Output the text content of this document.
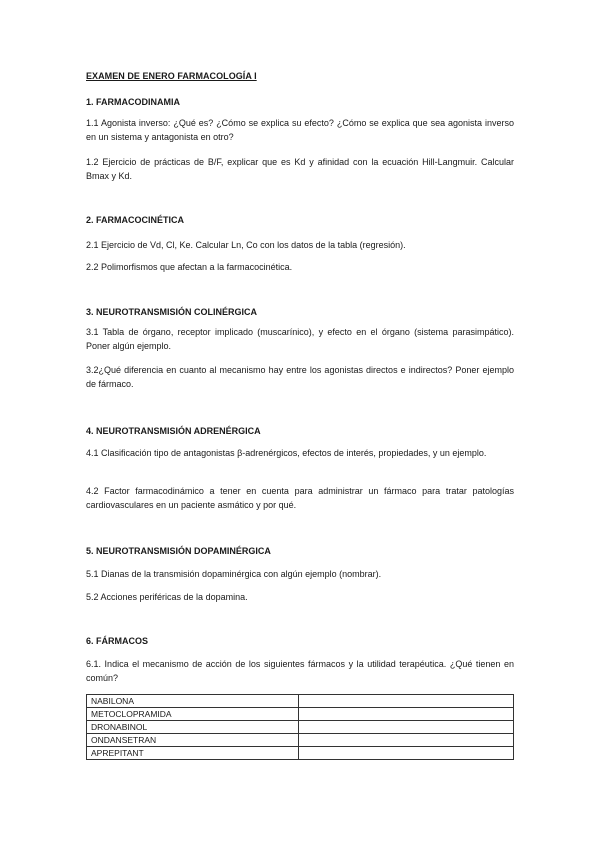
EXAMEN DE ENERO FARMACOLOGÍA I
1. FARMACODINAMIA
1.1 Agonista inverso: ¿Qué es? ¿Cómo se explica su efecto? ¿Cómo se explica que sea agonista inverso en un sistema y antagonista en otro?
1.2 Ejercicio de prácticas de B/F, explicar que es Kd y afinidad con la ecuación Hill-Langmuir. Calcular Bmax y Kd.
2. FARMACOCINÉTICA
2.1 Ejercicio de Vd, Cl, Ke. Calcular Ln, Co con los datos de la tabla (regresión).
2.2 Polimorfismos que afectan a la farmacocinética.
3. NEUROTRANSMISIÓN COLINÉRGICA
3.1 Tabla de órgano, receptor implicado (muscarínico), y efecto en el órgano (sistema parasimpático). Poner algún ejemplo.
3.2¿Qué diferencia en cuanto al mecanismo hay entre los agonistas directos e indirectos? Poner ejemplo de fármaco.
4. NEUROTRANSMISIÓN ADRENÉRGICA
4.1 Clasificación tipo de antagonistas β-adrenérgicos, efectos de interés, propiedades, y un ejemplo.
4.2 Factor farmacodinámico a tener en cuenta para administrar un fármaco para tratar patologías cardiovasculares en un paciente asmático y por qué.
5. NEUROTRANSMISIÓN DOPAMINÉRGICA
5.1 Dianas de la transmisión dopaminérgica con algún ejemplo (nombrar).
5.2 Acciones periféricas de la dopamina.
6. FÁRMACOS
6.1. Indica el mecanismo de acción de los siguientes fármacos y la utilidad terapéutica. ¿Qué tienen en común?
NABILONA	
METOCLOPRAMIDA	
DRONABINOL	
ONDANSETRAN	
APREPITANT	
